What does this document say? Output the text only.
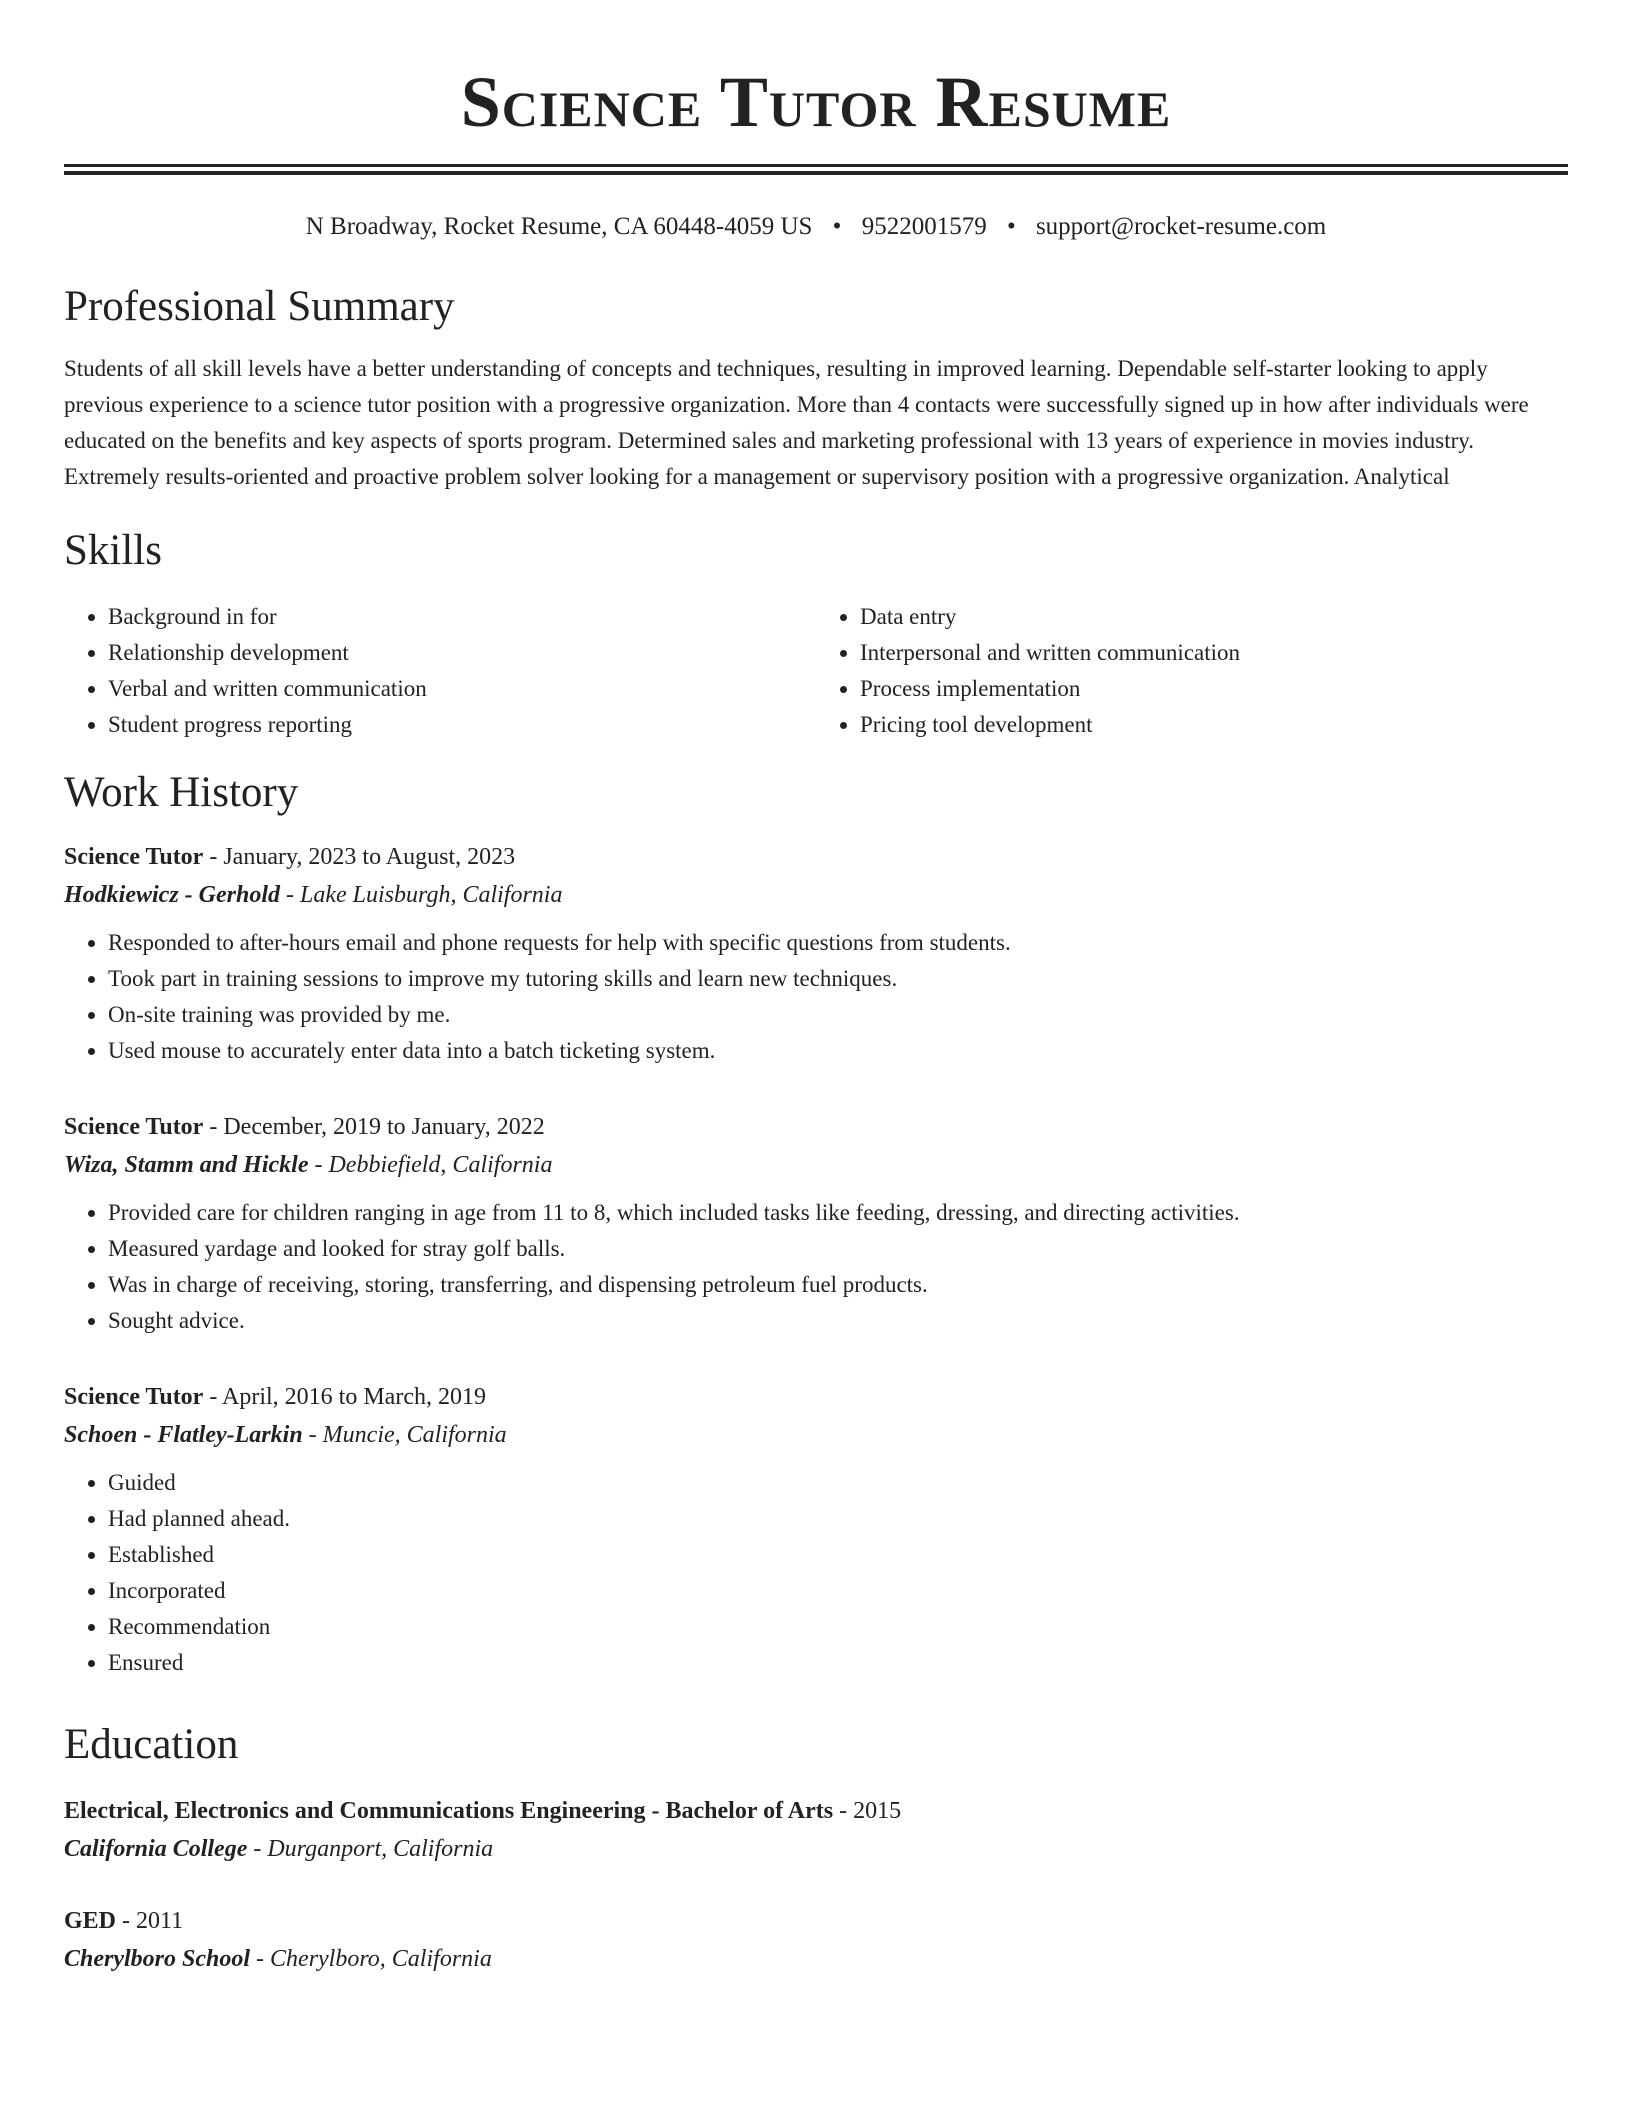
Science Tutor Resume
N Broadway, Rocket Resume, CA 60448-4059 US • 9522001579 • support@rocket-resume.com
Professional Summary

Students of all skill levels have a better understanding of concepts and techniques, resulting in improved learning. Dependable self-starter looking to apply previous experience to a science tutor position with a progressive organization. More than 4 contacts were successfully signed up in how after individuals were educated on the benefits and key aspects of sports program. Determined sales and marketing professional with 13 years of experience in movies industry. Extremely results-oriented and proactive problem solver looking for a management or supervisory position with a progressive organization. Analytical

Skills
• Background in for
• Relationship development
• Verbal and written communication
• Student progress reporting
• Data entry
• Interpersonal and written communication
• Process implementation
• Pricing tool development
Work History
Science Tutor - January, 2023 to August, 2023
Hodkiewicz - Gerhold - Lake Luisburgh, California
• Responded to after-hours email and phone requests for help with specific questions from students.
• Took part in training sessions to improve my tutoring skills and learn new techniques.
• On-site training was provided by me.
• Used mouse to accurately enter data into a batch ticketing system.
Science Tutor - December, 2019 to January, 2022
Wiza, Stamm and Hickle - Debbiefield, California
• Provided care for children ranging in age from 11 to 8, which included tasks like feeding, dressing, and directing activities.
• Measured yardage and looked for stray golf balls.
• Was in charge of receiving, storing, transferring, and dispensing petroleum fuel products.
• Sought advice.
Science Tutor - April, 2016 to March, 2019
Schoen - Flatley-Larkin - Muncie, California
• Guided
• Had planned ahead.
• Established
• Incorporated
• Recommendation
• Ensured
Education
Electrical, Electronics and Communications Engineering - Bachelor of Arts - 2015
California College - Durganport, California
GED - 2011
Cherylboro School - Cherylboro, California
